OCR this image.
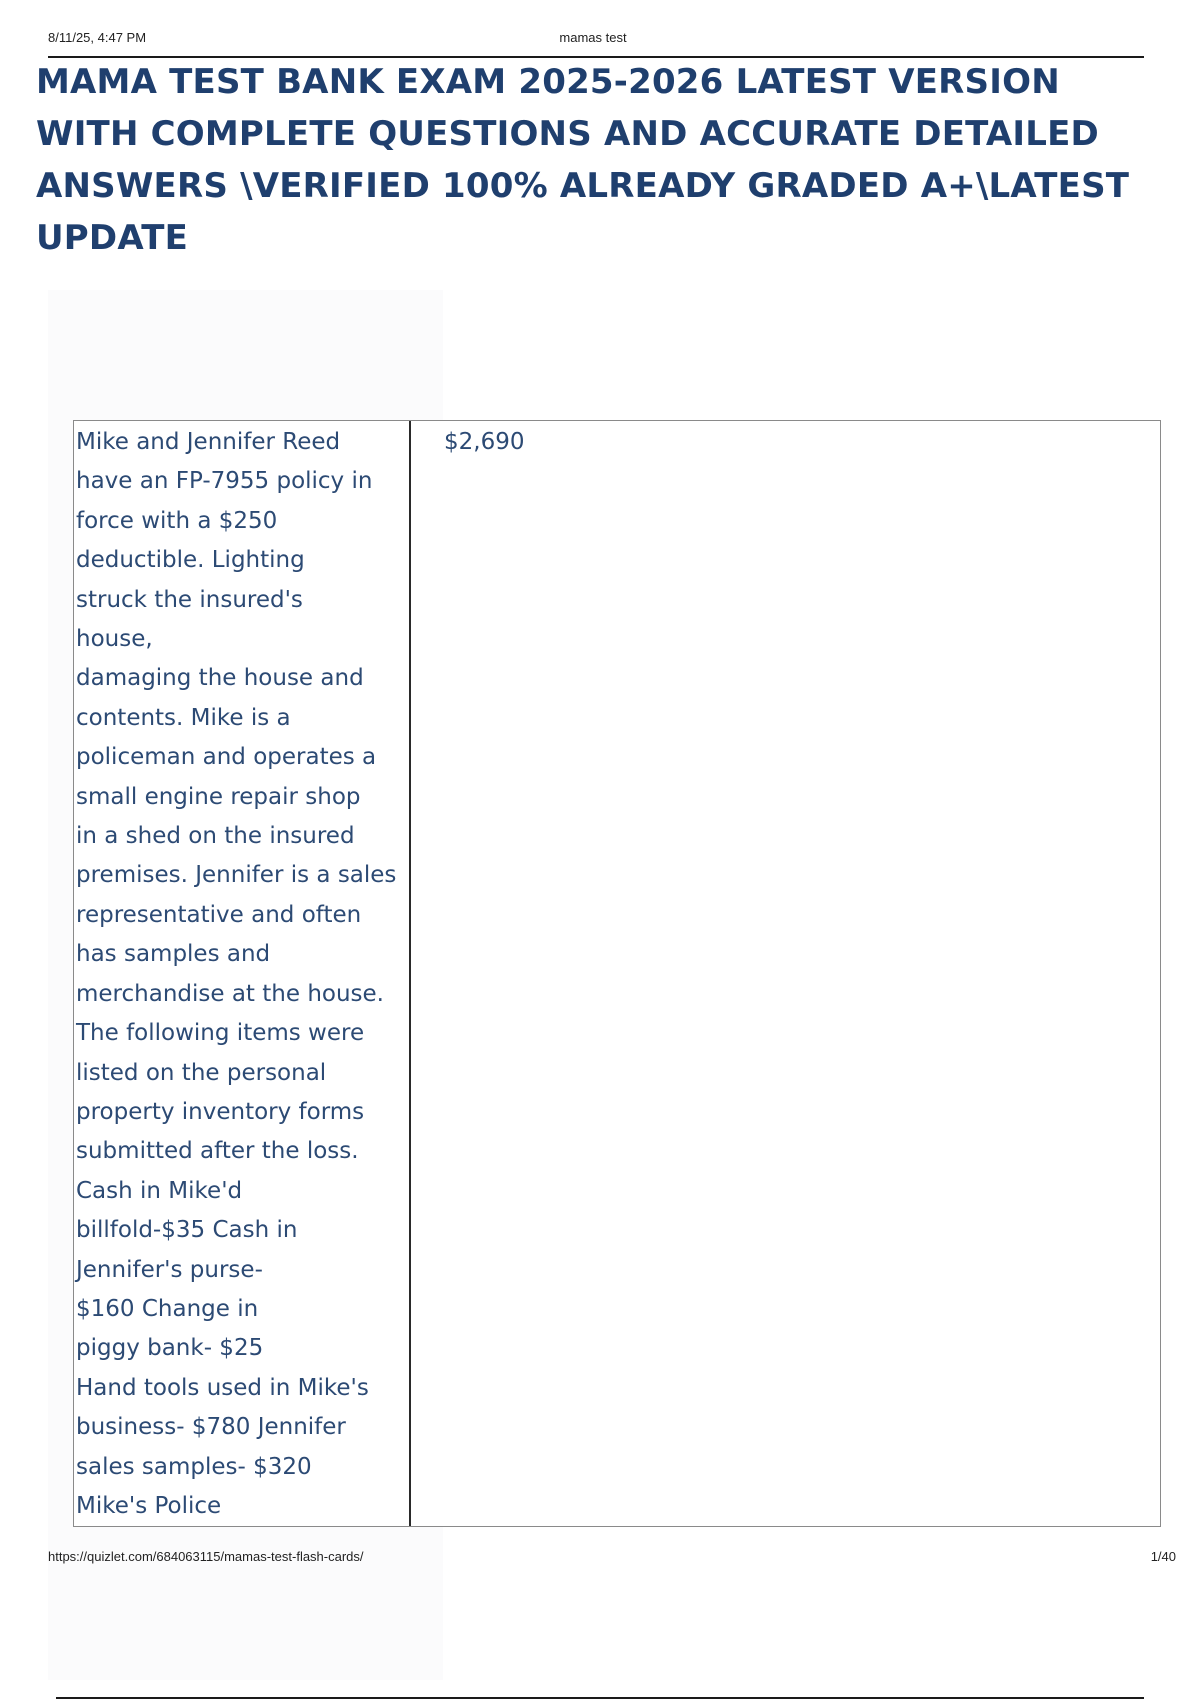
8/11/25, 4:47 PM	mamas test
MAMA TEST BANK EXAM 2025-2026 LATEST VERSION
WITH COMPLETE QUESTIONS AND ACCURATE DETAILED
ANSWERS \VERIFIED 100% ALREADY GRADED A+\LATEST
UPDATE
Mike and Jennifer Reed
have an FP-7955 policy in
force with a $250
deductible. Lighting
struck the insured's
house,
damaging the house and
contents. Mike is a
policeman and operates a
small engine repair shop
in a shed on the insured
premises. Jennifer is a sales
representative and often
has samples and
merchandise at the house.
The following items were
listed on the personal
property inventory forms
submitted after the loss.
Cash in Mike'd
billfold-$35 Cash in
Jennifer's purse-
$160 Change in
piggy bank- $25
Hand tools used in Mike's
business- $780 Jennifer
sales samples- $320
Mike's Police
$2,690
https://quizlet.com/684063115/mamas-test-flash-cards/	1/40
